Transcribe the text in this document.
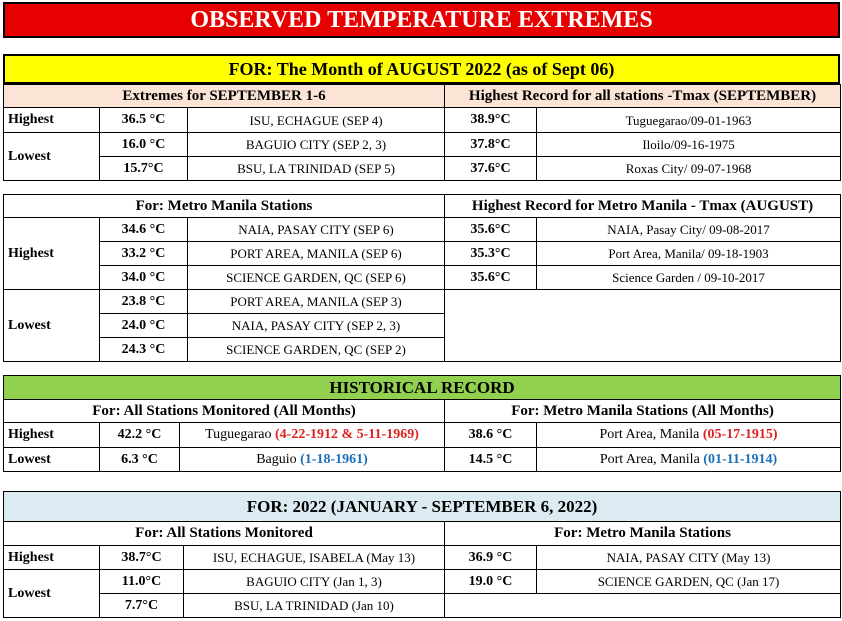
OBSERVED TEMPERATURE EXTREMES
FOR: The Month of AUGUST 2022 (as of Sept 06)
Extremes for SEPTEMBER 1-6			Highest Record for all stations -Tmax (SEPTEMBER)	
Highest	36.5 °C	ISU, ECHAGUE (SEP 4)	38.9°C	Tuguegarao/09-01-1963
Lowest	16.0 °C	BAGUIO CITY (SEP 2, 3)	37.8°C	Iloilo/09-16-1975
	15.7°C	BSU, LA TRINIDAD (SEP 5)	37.6°C	Roxas City/ 09-07-1968
For: Metro Manila Stations			Highest Record for Metro Manila - Tmax (AUGUST)	
Highest	34.6 °C	NAIA, PASAY CITY (SEP 6)	35.6°C	NAIA, Pasay City/ 09-08-2017
	33.2 °C	PORT AREA, MANILA (SEP 6)	35.3°C	Port Area, Manila/ 09-18-1903
	34.0 °C	SCIENCE GARDEN, QC (SEP 6)	35.6°C	Science Garden / 09-10-2017
Lowest	23.8 °C	PORT AREA, MANILA (SEP 3)		
	24.0 °C	NAIA, PASAY CITY (SEP 2, 3)		
	24.3 °C	SCIENCE GARDEN, QC (SEP 2)		
HISTORICAL RECORD				
For: All Stations Monitored (All Months)			For: Metro Manila Stations (All Months)	
Highest	42.2 °C	Tuguegarao (4-22-1912 & 5-11-1969)	38.6 °C	Port Area, Manila (05-17-1915)
Lowest	6.3 °C	Baguio (1-18-1961)	14.5 °C	Port Area, Manila (01-11-1914)
FOR: 2022 (JANUARY - SEPTEMBER 6, 2022)				
For: All Stations Monitored			For: Metro Manila Stations	
Highest	38.7°C	ISU, ECHAGUE, ISABELA (May 13)	36.9 °C	NAIA, PASAY CITY (May 13)
Lowest	11.0°C	BAGUIO CITY (Jan 1, 3)	19.0 °C	SCIENCE GARDEN, QC (Jan 17)
	7.7°C	BSU, LA TRINIDAD (Jan 10)		
